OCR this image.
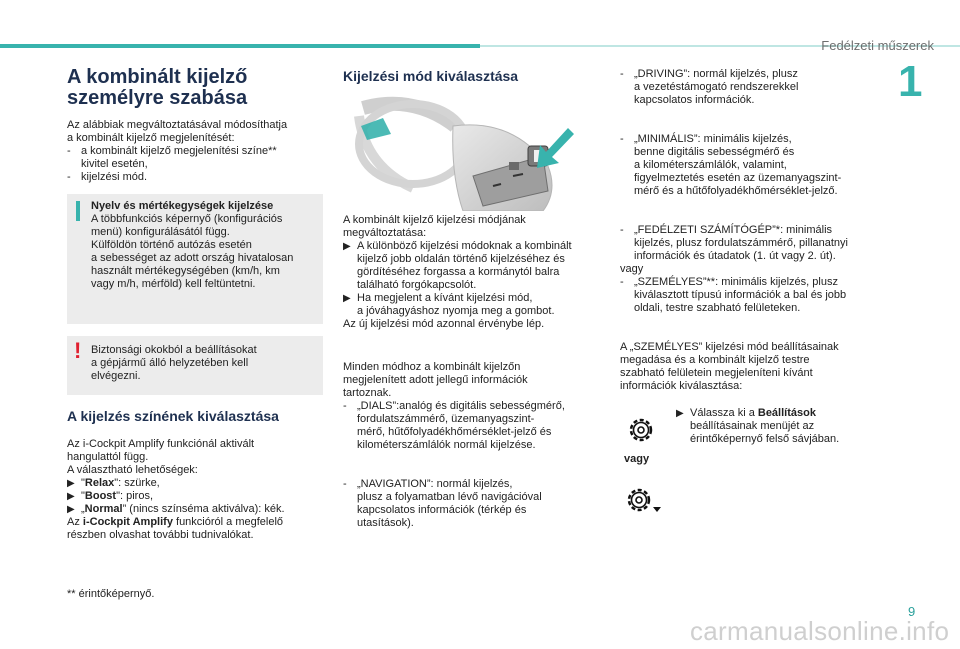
Fedélzeti műszerek
1
A kombinált kijelző
személyre szabása

Az alábbiak megváltoztatásával módosíthatja
a kombinált kijelző megjelenítését:

- a kombinált kijelző megjelenítési színe**
kivitel esetén,
- kijelzési mód.

Nyelv és mértékegységek kijelzése

A többfunkciós képernyő (konfigurációs
menü) konfigurálásától függ.
Külföldön történő autózás esetén
a sebességet az adott ország hivatalosan
használt mértékegységében (km/h, km
vagy m/h, mérföld) kell feltüntetni.

! Biztonsági okokból a beállításokat
a gépjármű álló helyzetében kell
elvégezni.

A kijelzés színének kiválasztása

Az i-Cockpit Amplify funkciónál aktivált
hangulattól függ.
A választható lehetőségek:

▶︎ "Relax": szürke,
▶︎ "Boost": piros,
▶︎ „Normal” (nincs színséma aktiválva): kék.

Az i-Cockpit Amplify funkcióról a megfelelő
részben olvashat további tudnivalókat.

** érintőképernyő.

Kijelzési mód kiválasztása

A kombinált kijelző kijelzési módjának
megváltoztatása:

▶︎ A különböző kijelzési módoknak a kombinált
kijelző jobb oldalán történő kijelzéséhez és
gördítéséhez forgassa a kormánytól balra
található forgókapcsolót.
▶︎ Ha megjelent a kívánt kijelzési mód,
a jóváhagyáshoz nyomja meg a gombot.

Az új kijelzési mód azonnal érvénybe lép.

Minden módhoz a kombinált kijelzőn
megjelenített adott jellegű információk
tartoznak.

- „DIALS”:analóg és digitális sebességmérő,
fordulatszámmérő, üzemanyagszint-
mérő, hűtőfolyadékhőmérséklet-jelző és
kilométerszámlálók normál kijelzése.
- „NAVIGATION”: normál kijelzés,
plusz a folyamatban lévő navigációval
kapcsolatos információk (térkép és
utasítások).
- „DRIVING”: normál kijelzés, plusz
a vezetéstámogató rendszerekkel
kapcsolatos információk.
- „MINIMÁLIS”: minimális kijelzés,
benne digitális sebességmérő és
a kilométerszámlálók, valamint,
figyelmeztetés esetén az üzemanyagszint-
mérő és a hűtőfolyadékhőmérséklet-jelző.
- „FEDÉLZETI SZÁMÍTÓGÉP”*: minimális
kijelzés, plusz fordulatszámmérő, pillanatnyi
információk és útadatok (1. út vagy 2. út).

vagy

- „SZEMÉLYES”**: minimális kijelzés, plusz
kiválasztott típusú információk a bal és jobb
oldali, testre szabható felületeken.

A „SZEMÉLYES” kijelzési mód beállításainak
megadása és a kombinált kijelző testre
szabható felületein megjeleníteni kívánt
információk kiválasztása:

vagy
▶︎ Válassza ki a Beállítások
beállításainak menüjét az
érintőképernyő felső sávjában.
9
carmanualsonline.info
